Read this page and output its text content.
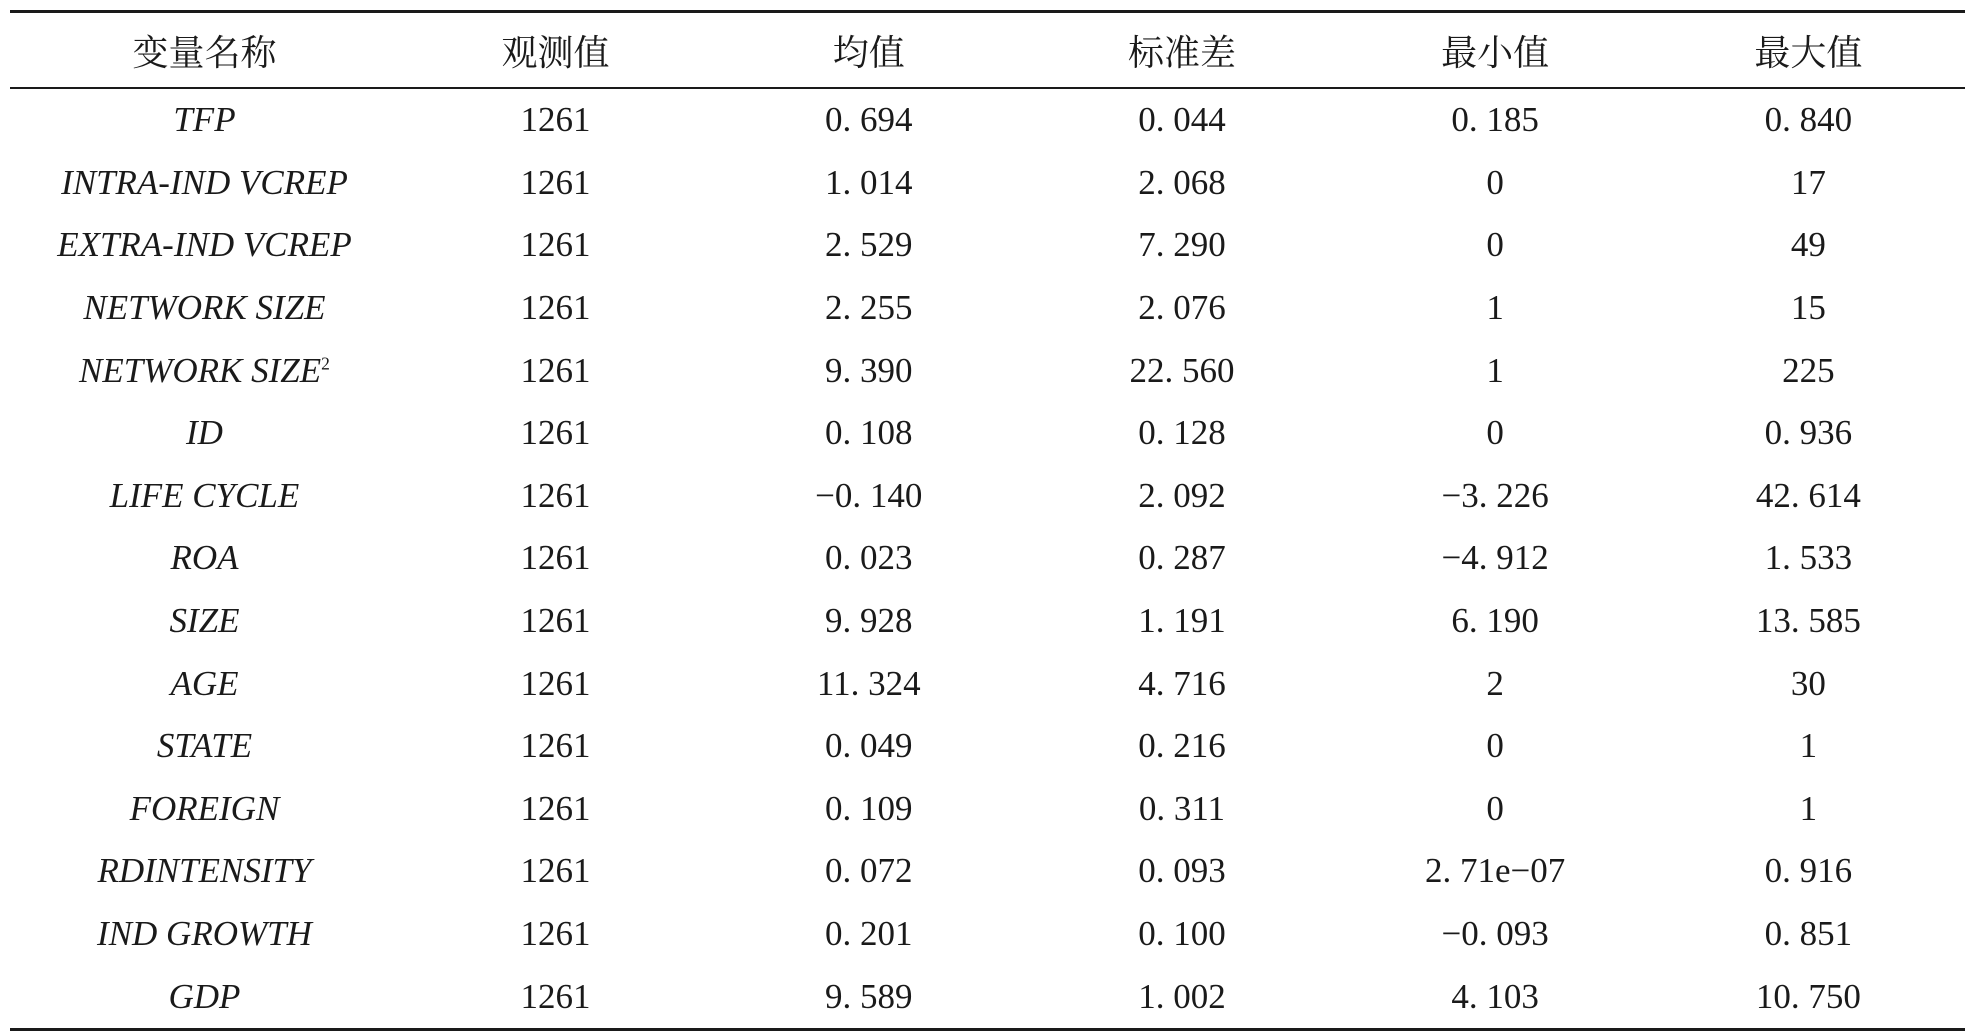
变量名称	观测值	均值	标准差	最小值	最大值
TFP	1261	0. 694	0. 044	0. 185	0. 840
INTRA-IND VCREP	1261	1. 014	2. 068	0	17
EXTRA-IND VCREP	1261	2. 529	7. 290	0	49
NETWORK SIZE	1261	2. 255	2. 076	1	15
NETWORK SIZE$^2$	1261	9. 390	22. 560	1	225
ID	1261	0. 108	0. 128	0	0. 936
LIFE CYCLE	1261	−0. 140	2. 092	−3. 226	42. 614
ROA	1261	0. 023	0. 287	−4. 912	1. 533
SIZE	1261	9. 928	1. 191	6. 190	13. 585
AGE	1261	11. 324	4. 716	2	30
STATE	1261	0. 049	0. 216	0	1
FOREIGN	1261	0. 109	0. 311	0	1
RDINTENSITY	1261	0. 072	0. 093	2. 71e−07	0. 916
IND GROWTH	1261	0. 201	0. 100	−0. 093	0. 851
GDP	1261	9. 589	1. 002	4. 103	10. 750
